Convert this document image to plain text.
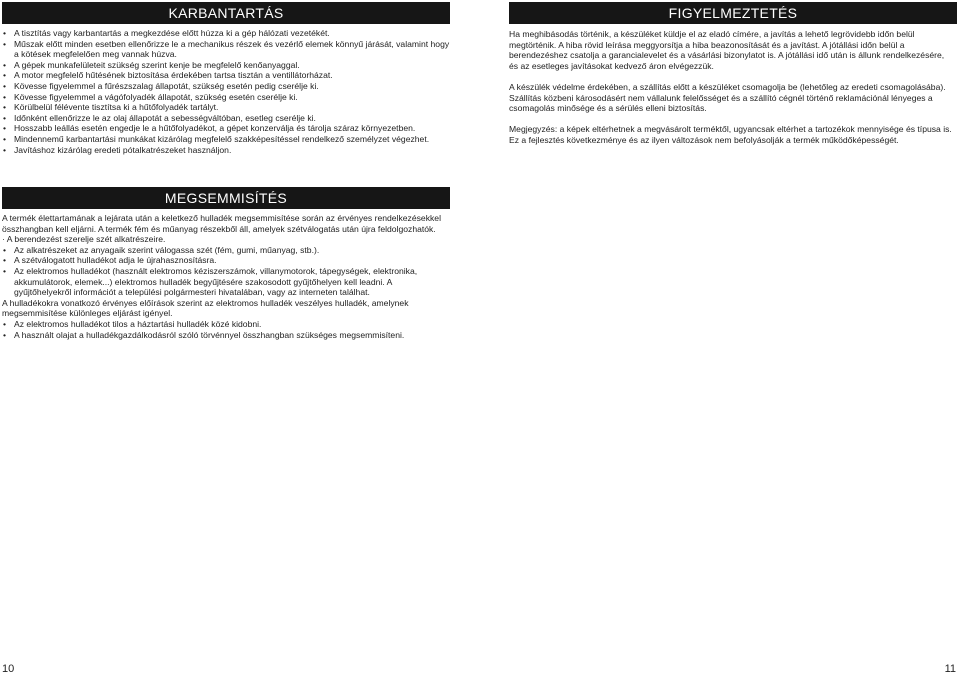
KARBANTARTÁS
• A tisztítás vagy karbantartás a megkezdése előtt húzza ki a gép hálózati vezetékét.
• Műszak előtt minden esetben ellenőrizze le a mechanikus részek és vezérlő elemek könnyű járását, valamint hogy a kötések megfelelően meg vannak húzva.
• A gépek munkafelületeit szükség szerint kenje be megfelelő kenőanyaggal.
• A motor megfelelő hűtésének biztosítása érdekében tartsa tisztán a ventillátorházat.
• Kövesse figyelemmel a fűrészszalag állapotát, szükség esetén pedig cserélje ki.
• Kövesse figyelemmel a vágófolyadék állapotát, szükség esetén cserélje ki.
• Körülbelül félévente tisztítsa ki a hűtőfolyadék tartályt.
• Időnként ellenőrizze le az olaj állapotát a sebességváltóban, esetleg cserélje ki.
• Hosszabb leállás esetén engedje le a hűtőfolyadékot, a gépet konzerválja és tárolja száraz környezetben.
• Mindennemű karbantartási munkákat kizárólag megfelelő szakképesítéssel rendelkező személyzet végezhet.
• Javításhoz kizárólag eredeti pótalkatrészeket használjon.
FIGYELMEZTETÉS

Ha meghibásodás történik, a készüléket küldje el az eladó címére, a javítás a lehető legrövidebb időn belül megtörténik. A hiba rövid leírása meggyorsítja a hiba beazonosítását és a javítást. A jótállási időn belül a berendezéshez csatolja a garancialevelet és a vásárlási bizonylatot is. A jótállási idő után is állunk rendelkezésére, és az esetleges javításokat kedvező áron elvégezzük.

A készülék védelme érdekében, a szállítás előtt a készüléket csomagolja be (lehetőleg az eredeti csomagolásába). Szállítás közbeni károsodásért nem vállalunk felelősséget és a szállító cégnél történő reklamációnál lényeges a csomagolás minősége és a sérülés elleni biztosítás.

Megjegyzés: a képek eltérhetnek a megvásárolt terméktől, ugyancsak eltérhet a tartozékok mennyisége és típusa is. Ez a fejlesztés következménye és az ilyen változások nem befolyásolják a termék működőképességét.

MEGSEMMISÍTÉS

A termék élettartamának a lejárata után a keletkező hulladék megsemmisítése során az érvényes rendelkezésekkel összhangban kell eljárni. A termék fém és műanyag részekből áll, amelyek szétválogatás után újra feldolgozhatók.

· A berendezést szerelje szét alkatrészeire.

• Az alkatrészeket az anyagaik szerint válogassa szét (fém, gumi, műanyag, stb.).
• A szétválogatott hulladékot adja le újrahasznosításra.
• Az elektromos hulladékot (használt elektromos kéziszerszámok, villanymotorok, tápegységek, elektronika, akkumulátorok, elemek...) elektromos hulladék begyűjtésére szakosodott gyűjtőhelyen kell leadni. A gyűjtőhelyekről információt a települési polgármesteri hivatalában, vagy az interneten találhat.

A hulladékokra vonatkozó érvényes előírások szerint az elektromos hulladék veszélyes hulladék, amelynek megsemmisítése különleges eljárást igényel.

• Az elektromos hulladékot tilos a háztartási hulladék közé kidobni.
• A használt olajat a hulladékgazdálkodásról szóló törvénnyel összhangban szükséges megsemmisíteni.
10	11
